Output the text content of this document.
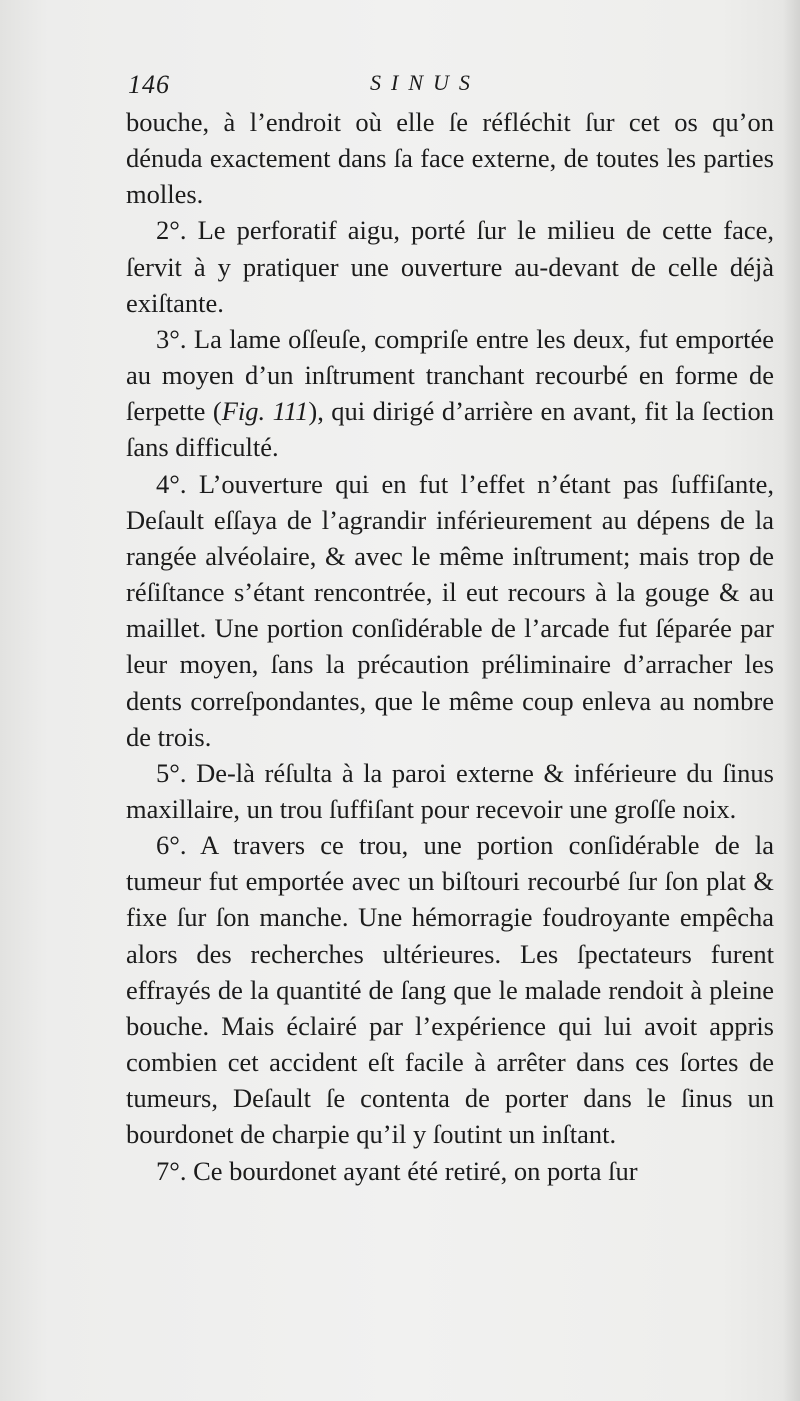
146	SINUS

bouche, à l’endroit où elle ſe réfléchit ſur cet os qu’on dénuda exactement dans ſa face externe, de toutes les parties molles.

2°. Le perforatif aigu, porté ſur le milieu de cette face, ſervit à y pratiquer une ouverture au-devant de celle déjà exiſtante.

3°. La lame oſſeuſe, compriſe entre les deux, fut emportée au moyen d’un inſtrument tranchant recourbé en forme de ſerpette (Fig. 111), qui dirigé d’arrière en avant, fit la ſection ſans difficulté.

4°. L’ouverture qui en fut l’effet n’étant pas ſuffiſante, Deſault eſſaya de l’agrandir inférieurement au dépens de la rangée alvéolaire, & avec le même inſtrument; mais trop de réſiſtance s’étant rencontrée, il eut recours à la gouge & au maillet. Une portion conſidérable de l’arcade fut ſéparée par leur moyen, ſans la précaution préliminaire d’arracher les dents correſpondantes, que le même coup enleva au nombre de trois.

5°. De-là réſulta à la paroi externe & inférieure du ſinus maxillaire, un trou ſuffiſant pour recevoir une groſſe noix.

6°. A travers ce trou, une portion conſidérable de la tumeur fut emportée avec un biſtouri recourbé ſur ſon plat & fixe ſur ſon manche. Une hémorragie foudroyante empêcha alors des recherches ultérieures. Les ſpectateurs furent effrayés de la quantité de ſang que le malade rendoit à pleine bouche. Mais éclairé par l’expérience qui lui avoit appris combien cet accident eſt facile à arrêter dans ces ſortes de tumeurs, Deſault ſe contenta de porter dans le ſinus un bourdonet de charpie qu’il y ſoutint un inſtant.

7°. Ce bourdonet ayant été retiré, on porta ſur
